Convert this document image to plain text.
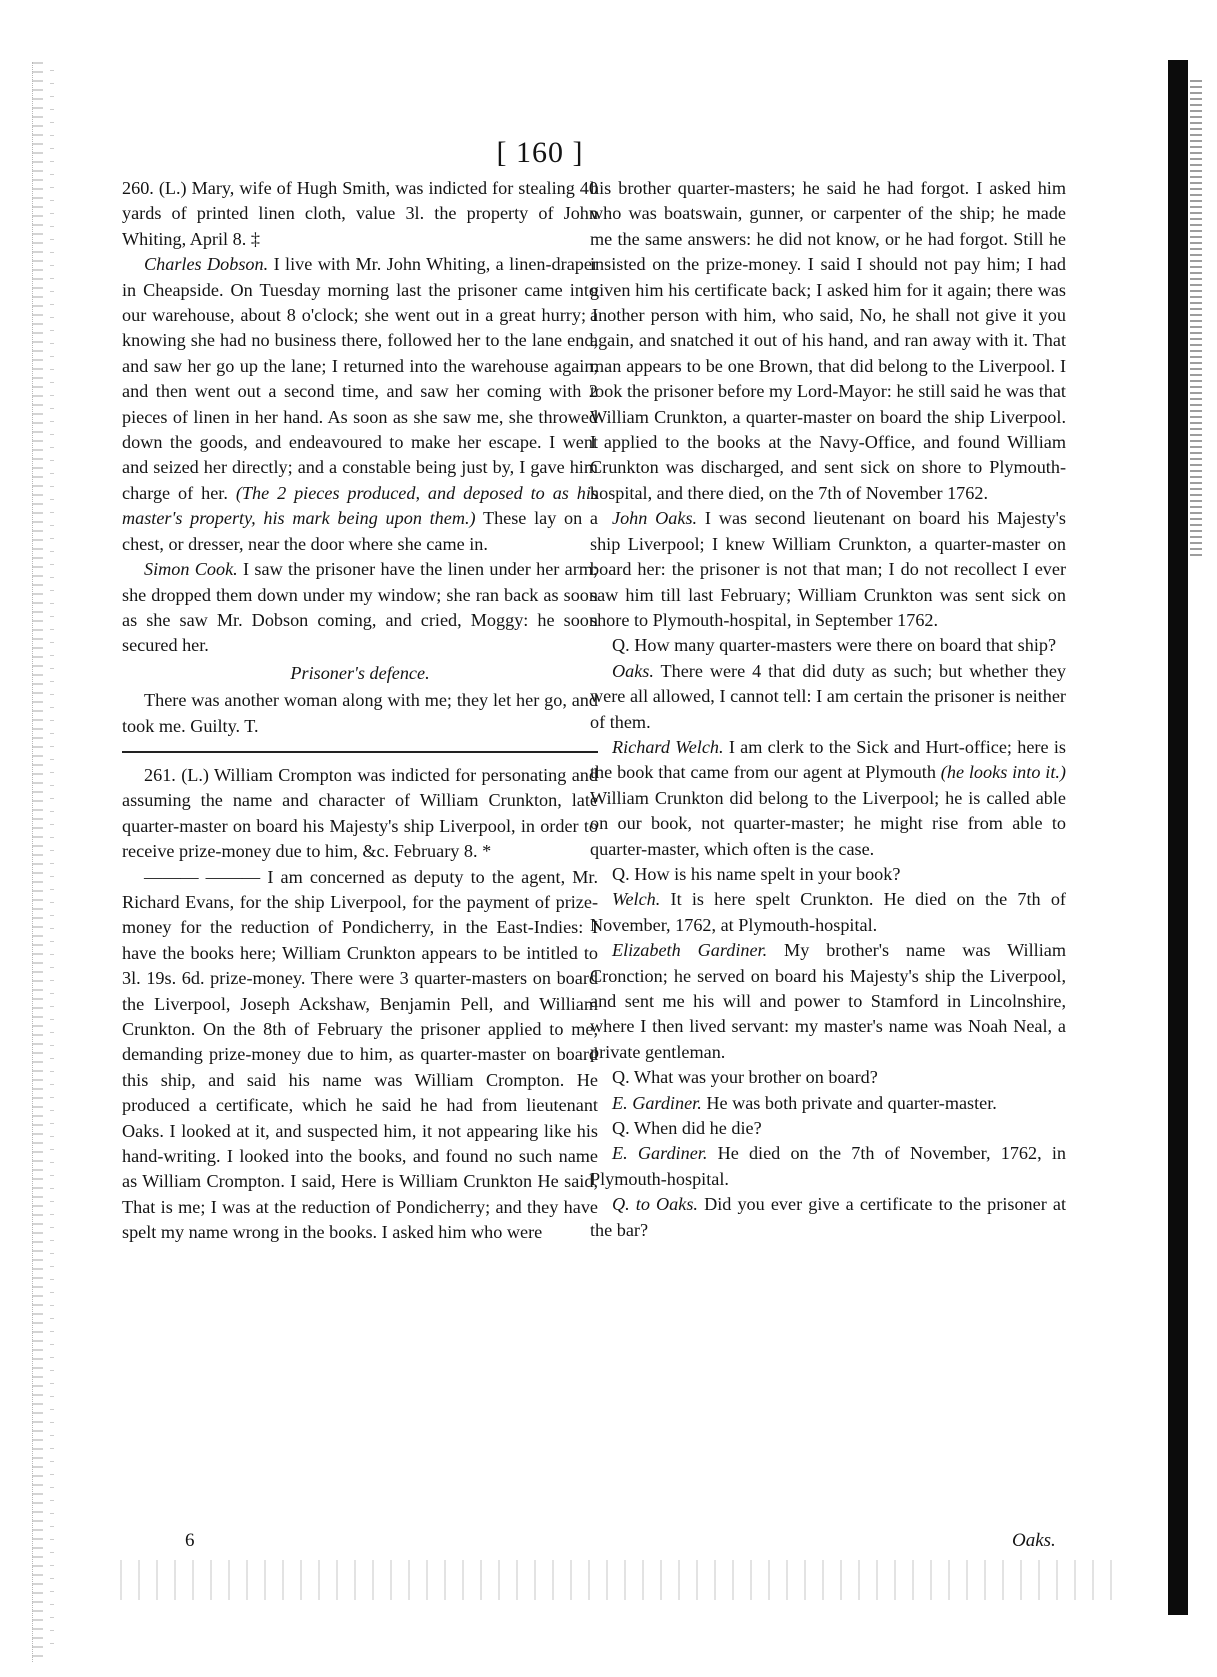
[ 160 ]

260. (L.) Mary, wife of Hugh Smith, was indicted for stealing 40 yards of printed linen cloth, value 3l. the property of John Whiting, April 8. ‡

Charles Dobson. I live with Mr. John Whiting, a linen-draper in Cheapside. On Tuesday morning last the prisoner came into our warehouse, about 8 o'clock; she went out in a great hurry; I knowing she had no business there, followed her to the lane end, and saw her go up the lane; I returned into the warehouse again, and then went out a second time, and saw her coming with 2 pieces of linen in her hand. As soon as she saw me, she throwed down the goods, and endeavoured to make her escape. I went and seized her directly; and a constable being just by, I gave him charge of her. (The 2 pieces produced, and deposed to as his master's property, his mark being upon them.) These lay on a chest, or dresser, near the door where she came in.

Simon Cook. I saw the prisoner have the linen under her arm; she dropped them down under my window; she ran back as soon as she saw Mr. Dobson coming, and cried, Moggy: he soon secured her.

Prisoner's defence.

There was another woman along with me; they let her go, and took me. Guilty. T.

261. (L.) William Crompton was indicted for personating and assuming the name and character of William Crunkton, late quarter-master on board his Majesty's ship Liverpool, in order to receive prize-money due to him, &c. February 8. *

——— ——— I am concerned as deputy to the agent, Mr. Richard Evans, for the ship Liverpool, for the payment of prize-money for the reduction of Pondicherry, in the East-Indies: I have the books here; William Crunkton appears to be intitled to 3l. 19s. 6d. prize-money. There were 3 quarter-masters on board the Liverpool, Joseph Ackshaw, Benjamin Pell, and William Crunkton. On the 8th of February the prisoner applied to me, demanding prize-money due to him, as quarter-master on board this ship, and said his name was William Crompton. He produced a certificate, which he said he had from lieutenant Oaks. I looked at it, and suspected him, it not appearing like his hand-writing. I looked into the books, and found no such name as William Crompton. I said, Here is William Crunkton He said, That is me; I was at the reduction of Pondicherry; and they have spelt my name wrong in the books. I asked him who were

his brother quarter-masters; he said he had forgot. I asked him who was boatswain, gunner, or carpenter of the ship; he made me the same answers: he did not know, or he had forgot. Still he insisted on the prize-money. I said I should not pay him; I had given him his certificate back; I asked him for it again; there was another person with him, who said, No, he shall not give it you again, and snatched it out of his hand, and ran away with it. That man appears to be one Brown, that did belong to the Liverpool. I took the prisoner before my Lord-Mayor: he still said he was that William Crunkton, a quarter-master on board the ship Liverpool. I applied to the books at the Navy-Office, and found William Crunkton was discharged, and sent sick on shore to Plymouth-hospital, and there died, on the 7th of November 1762.

John Oaks. I was second lieutenant on board his Majesty's ship Liverpool; I knew William Crunkton, a quarter-master on board her: the prisoner is not that man; I do not recollect I ever saw him till last February; William Crunkton was sent sick on shore to Plymouth-hospital, in September 1762.

Q. How many quarter-masters were there on board that ship?

Oaks. There were 4 that did duty as such; but whether they were all allowed, I cannot tell: I am certain the prisoner is neither of them.

Richard Welch. I am clerk to the Sick and Hurt-office; here is the book that came from our agent at Plymouth (he looks into it.) William Crunkton did belong to the Liverpool; he is called able on our book, not quarter-master; he might rise from able to quarter-master, which often is the case.

Q. How is his name spelt in your book?

Welch. It is here spelt Crunkton. He died on the 7th of November, 1762, at Plymouth-hospital.

Elizabeth Gardiner. My brother's name was William Cronction; he served on board his Majesty's ship the Liverpool, and sent me his will and power to Stamford in Lincolnshire, where I then lived servant: my master's name was Noah Neal, a private gentleman.

Q. What was your brother on board?

E. Gardiner. He was both private and quarter-master.

Q. When did he die?

E. Gardiner. He died on the 7th of November, 1762, in Plymouth-hospital.

Q. to Oaks. Did you ever give a certificate to the prisoner at the bar?

6	Oaks.
